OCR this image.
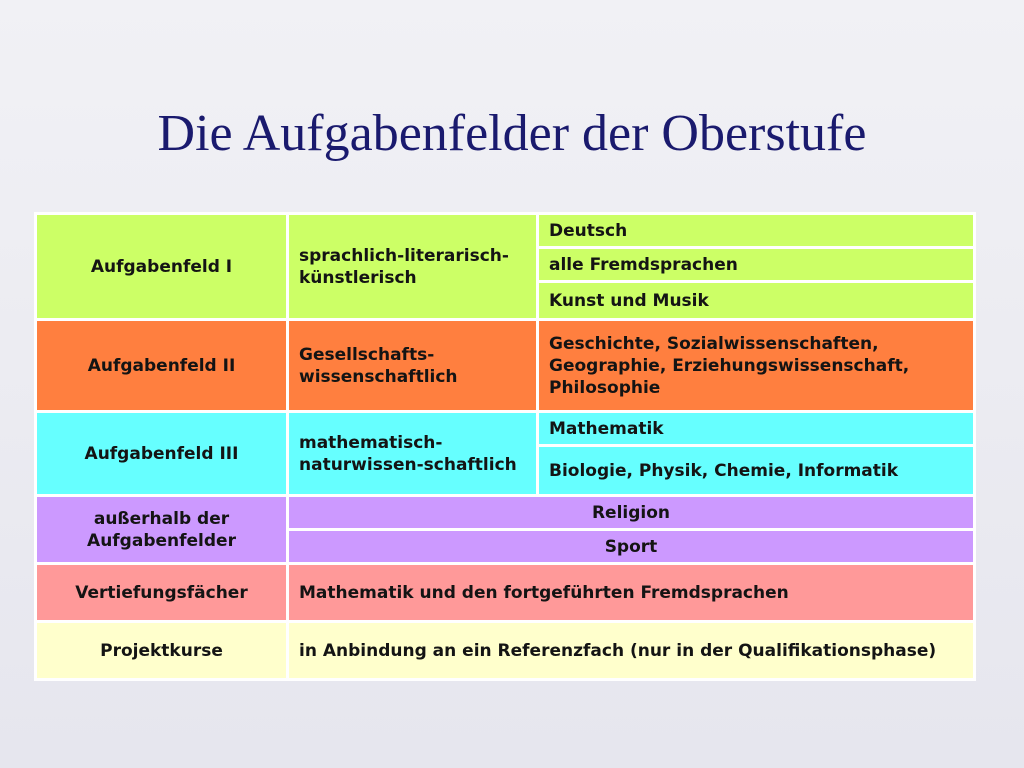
Die Aufgabenfelder der Oberstufe
Aufgabenfeld I	sprachlich-literarisch-künstlerisch	Deutsch
		alle Fremdsprachen
		Kunst und Musik
Aufgabenfeld II	Gesellschafts-wissenschaftlich	Geschichte, Sozialwissenschaften, Geographie, Erziehungswissenschaft, Philosophie
Aufgabenfeld III	mathematisch-naturwissen-schaftlich	Mathematik
		Biologie, Physik, Chemie, Informatik
außerhalb der Aufgabenfelder	Religion	
	Sport	
Vertiefungsfächer	Mathematik und den fortgeführten Fremdsprachen	
Projektkurse	in Anbindung an ein Referenzfach (nur in der Qualifikationsphase)	
